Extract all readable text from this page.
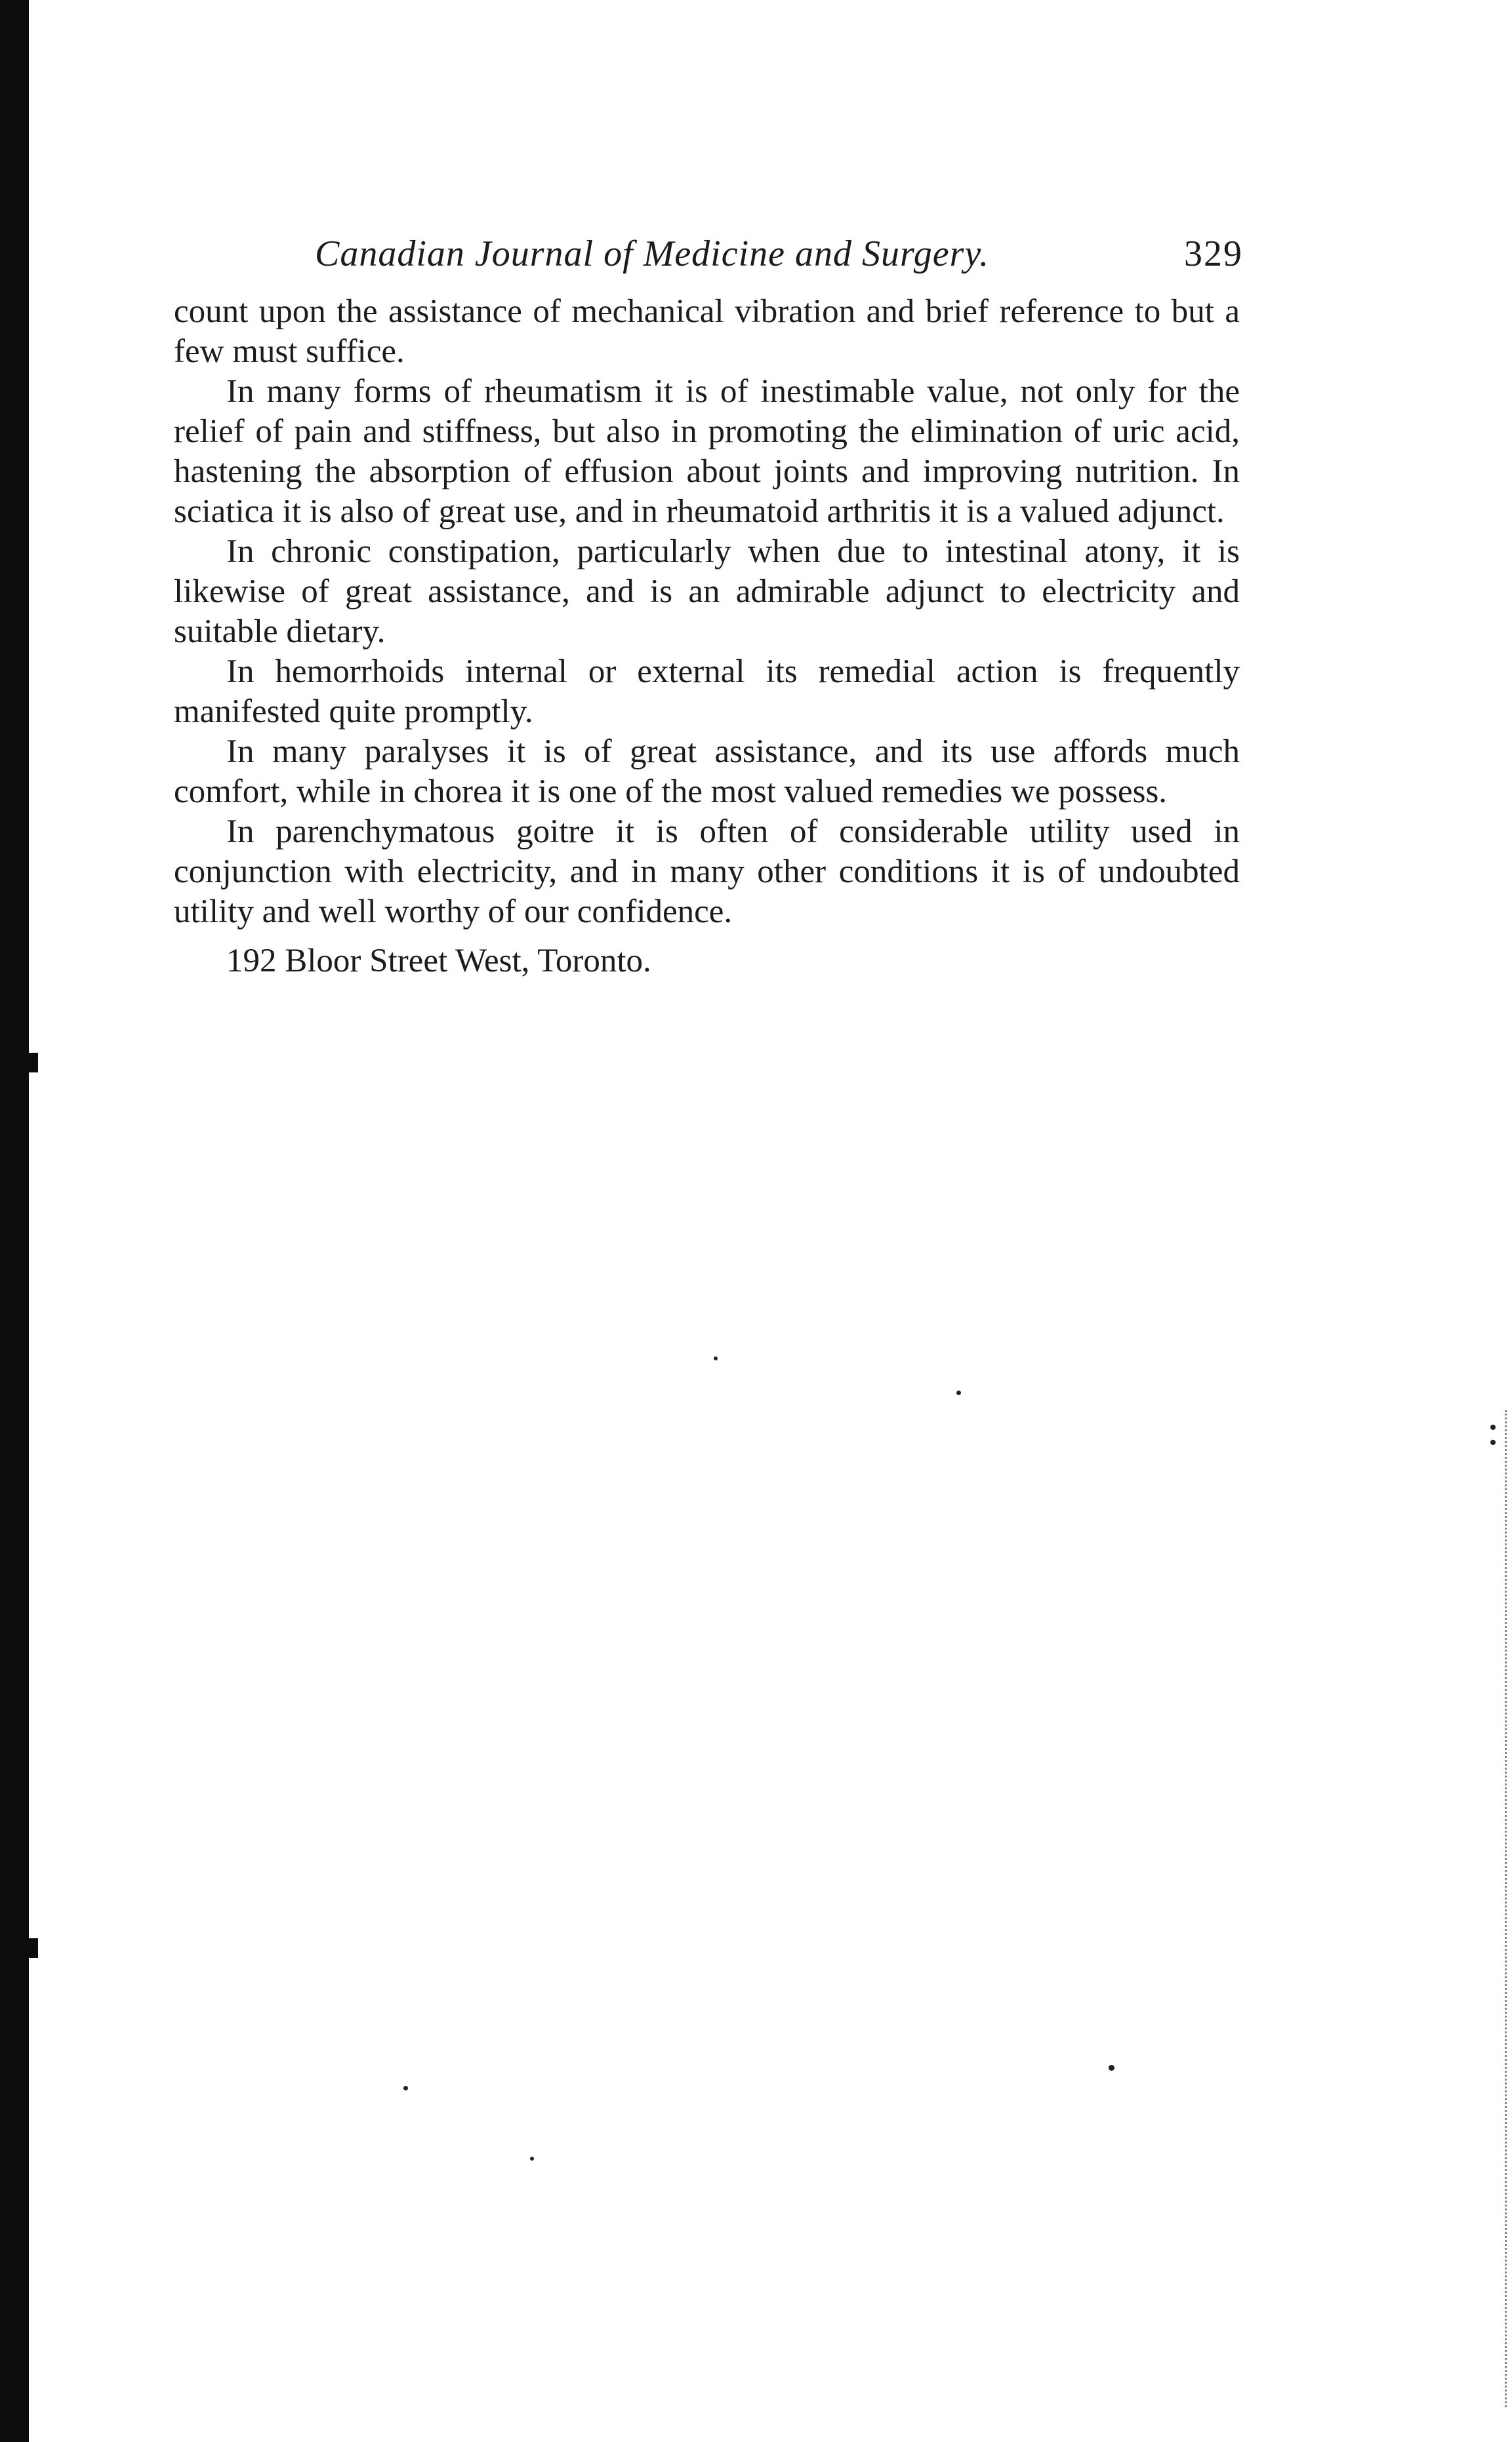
Canadian Journal of Medicine and Surgery.	329

count upon the assistance of mechanical vibration and brief reference to but a few must suffice.

In many forms of rheumatism it is of inestimable value, not only for the relief of pain and stiffness, but also in promoting the elimination of uric acid, hastening the absorption of effusion about joints and improving nutrition. In sciatica it is also of great use, and in rheumatoid arthritis it is a valued adjunct.

In chronic constipation, particularly when due to intestinal atony, it is likewise of great assistance, and is an admirable adjunct to electricity and suitable dietary.

In hemorrhoids internal or external its remedial action is frequently manifested quite promptly.

In many paralyses it is of great assistance, and its use affords much comfort, while in chorea it is one of the most valued remedies we possess.

In parenchymatous goitre it is often of considerable utility used in conjunction with electricity, and in many other conditions it is of undoubted utility and well worthy of our confidence.

192 Bloor Street West, Toronto.
